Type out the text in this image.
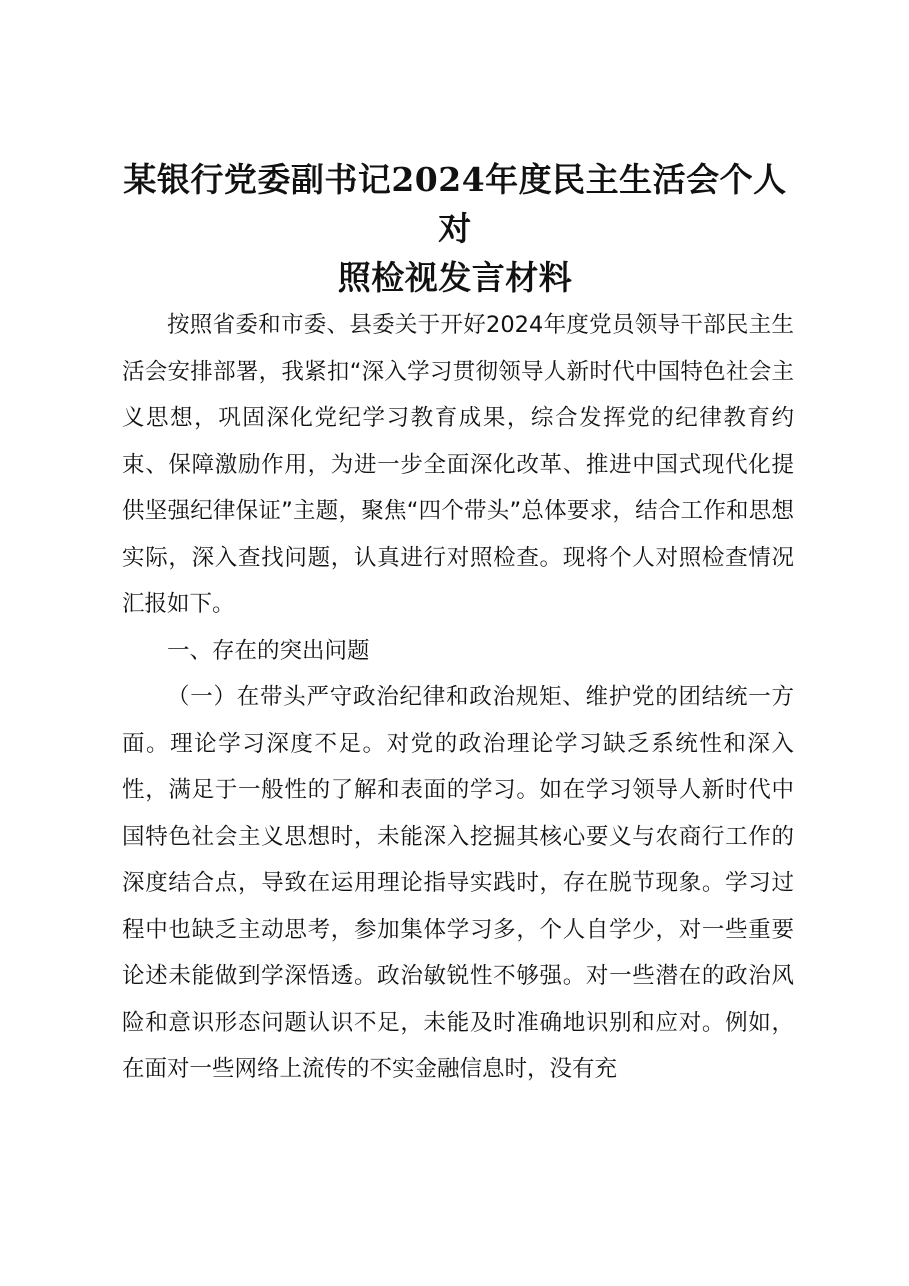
某银行党委副书记2024年度民主生活会个人对
照检视发言材料

按照省委和市委、县委关于开好2024年度党员领导干部民主生活会安排部署，我紧扣“深入学习贯彻领导人新时代中国特色社会主义思想，巩固深化党纪学习教育成果，综合发挥党的纪律教育约束、保障激励作用，为进一步全面深化改革、推进中国式现代化提供坚强纪律保证”主题，聚焦“四个带头”总体要求，结合工作和思想实际，深入查找问题，认真进行对照检查。现将个人对照检查情况汇报如下。

一、存在的突出问题

（一）在带头严守政治纪律和政治规矩、维护党的团结统一方面。理论学习深度不足。对党的政治理论学习缺乏系统性和深入性，满足于一般性的了解和表面的学习。如在学习领导人新时代中国特色社会主义思想时，未能深入挖掘其核心要义与农商行工作的深度结合点，导致在运用理论指导实践时，存在脱节现象。学习过程中也缺乏主动思考，参加集体学习多，个人自学少，对一些重要论述未能做到学深悟透。政治敏锐性不够强。对一些潜在的政治风险和意识形态问题认识不足，未能及时准确地识别和应对。例如，在面对一些网络上流传的不实金融信息时，没有充
